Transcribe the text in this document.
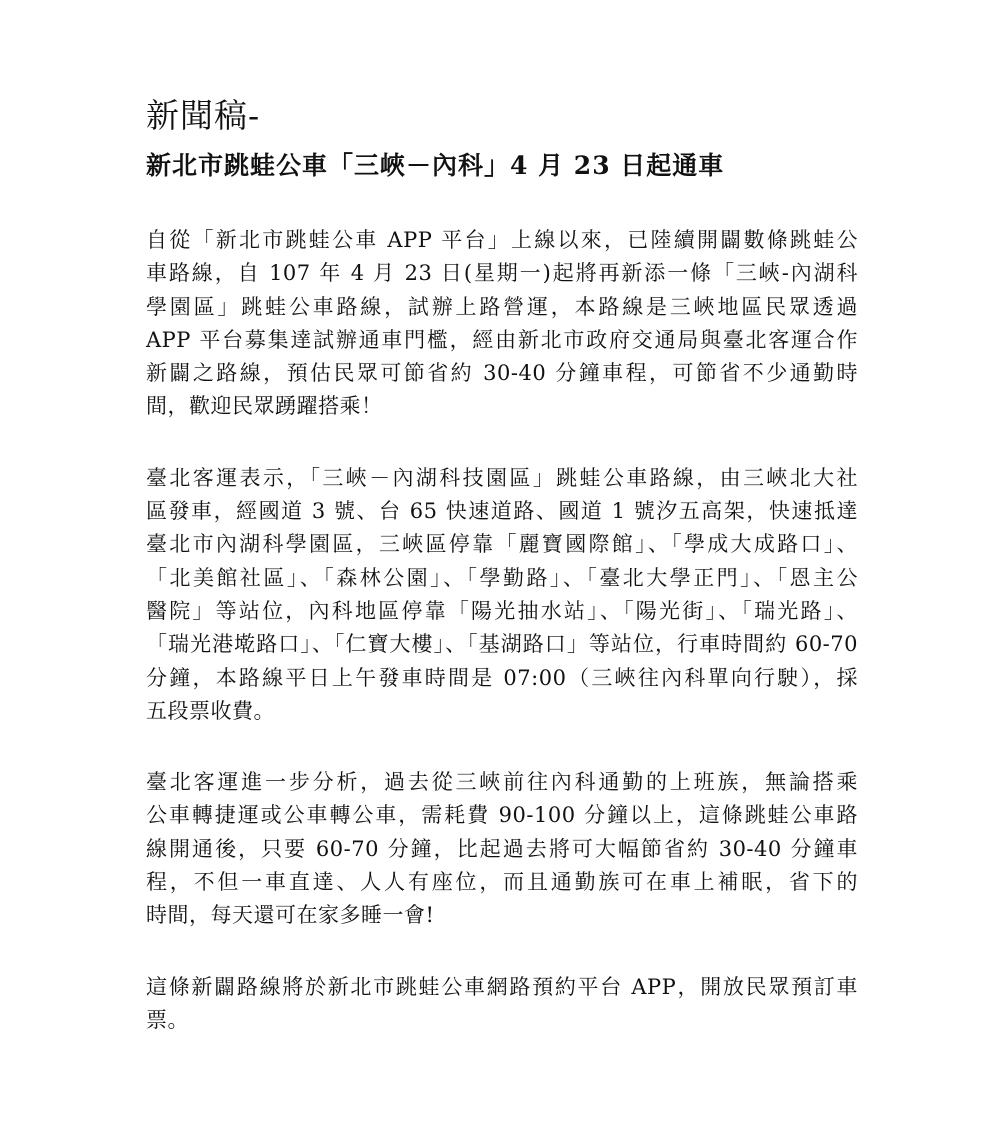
新聞稿-
新北市跳蛙公車「三峽－內科」4 月 23 日起通車
自從「新北市跳蛙公車 APP 平台」上線以來，已陸續開闢數條跳蛙公
車路線，自 107 年 4 月 23 日(星期一)起將再新添一條「三峽-內湖科
學園區」跳蛙公車路線，試辦上路營運，本路線是三峽地區民眾透過
APP 平台募集達試辦通車門檻，經由新北市政府交通局與臺北客運合作
新闢之路線，預估民眾可節省約 30-40 分鐘車程，可節省不少通勤時
間，歡迎民眾踴躍搭乘！
臺北客運表示，「三峽－內湖科技園區」跳蛙公車路線，由三峽北大社
區發車，經國道 3 號、台 65 快速道路、國道 1 號汐五高架，快速抵達
臺北市內湖科學園區，三峽區停靠「麗寶國際館」、「學成大成路口」、
「北美館社區」、「森林公園」、「學勤路」、「臺北大學正門」、「恩主公
醫院」等站位，內科地區停靠「陽光抽水站」、「陽光街」、「瑞光路」、
「瑞光港墘路口」、「仁寶大樓」、「基湖路口」等站位，行車時間約 60-70
分鐘，本路線平日上午發車時間是 07:00（三峽往內科單向行駛），採
五段票收費。
臺北客運進一步分析，過去從三峽前往內科通勤的上班族，無論搭乘
公車轉捷運或公車轉公車，需耗費 90-100 分鐘以上，這條跳蛙公車路
線開通後，只要 60-70 分鐘，比起過去將可大幅節省約 30-40 分鐘車
程，不但一車直達、人人有座位，而且通勤族可在車上補眠，省下的
時間，每天還可在家多睡一會!
這條新闢路線將於新北市跳蛙公車網路預約平台 APP，開放民眾預訂車
票。
